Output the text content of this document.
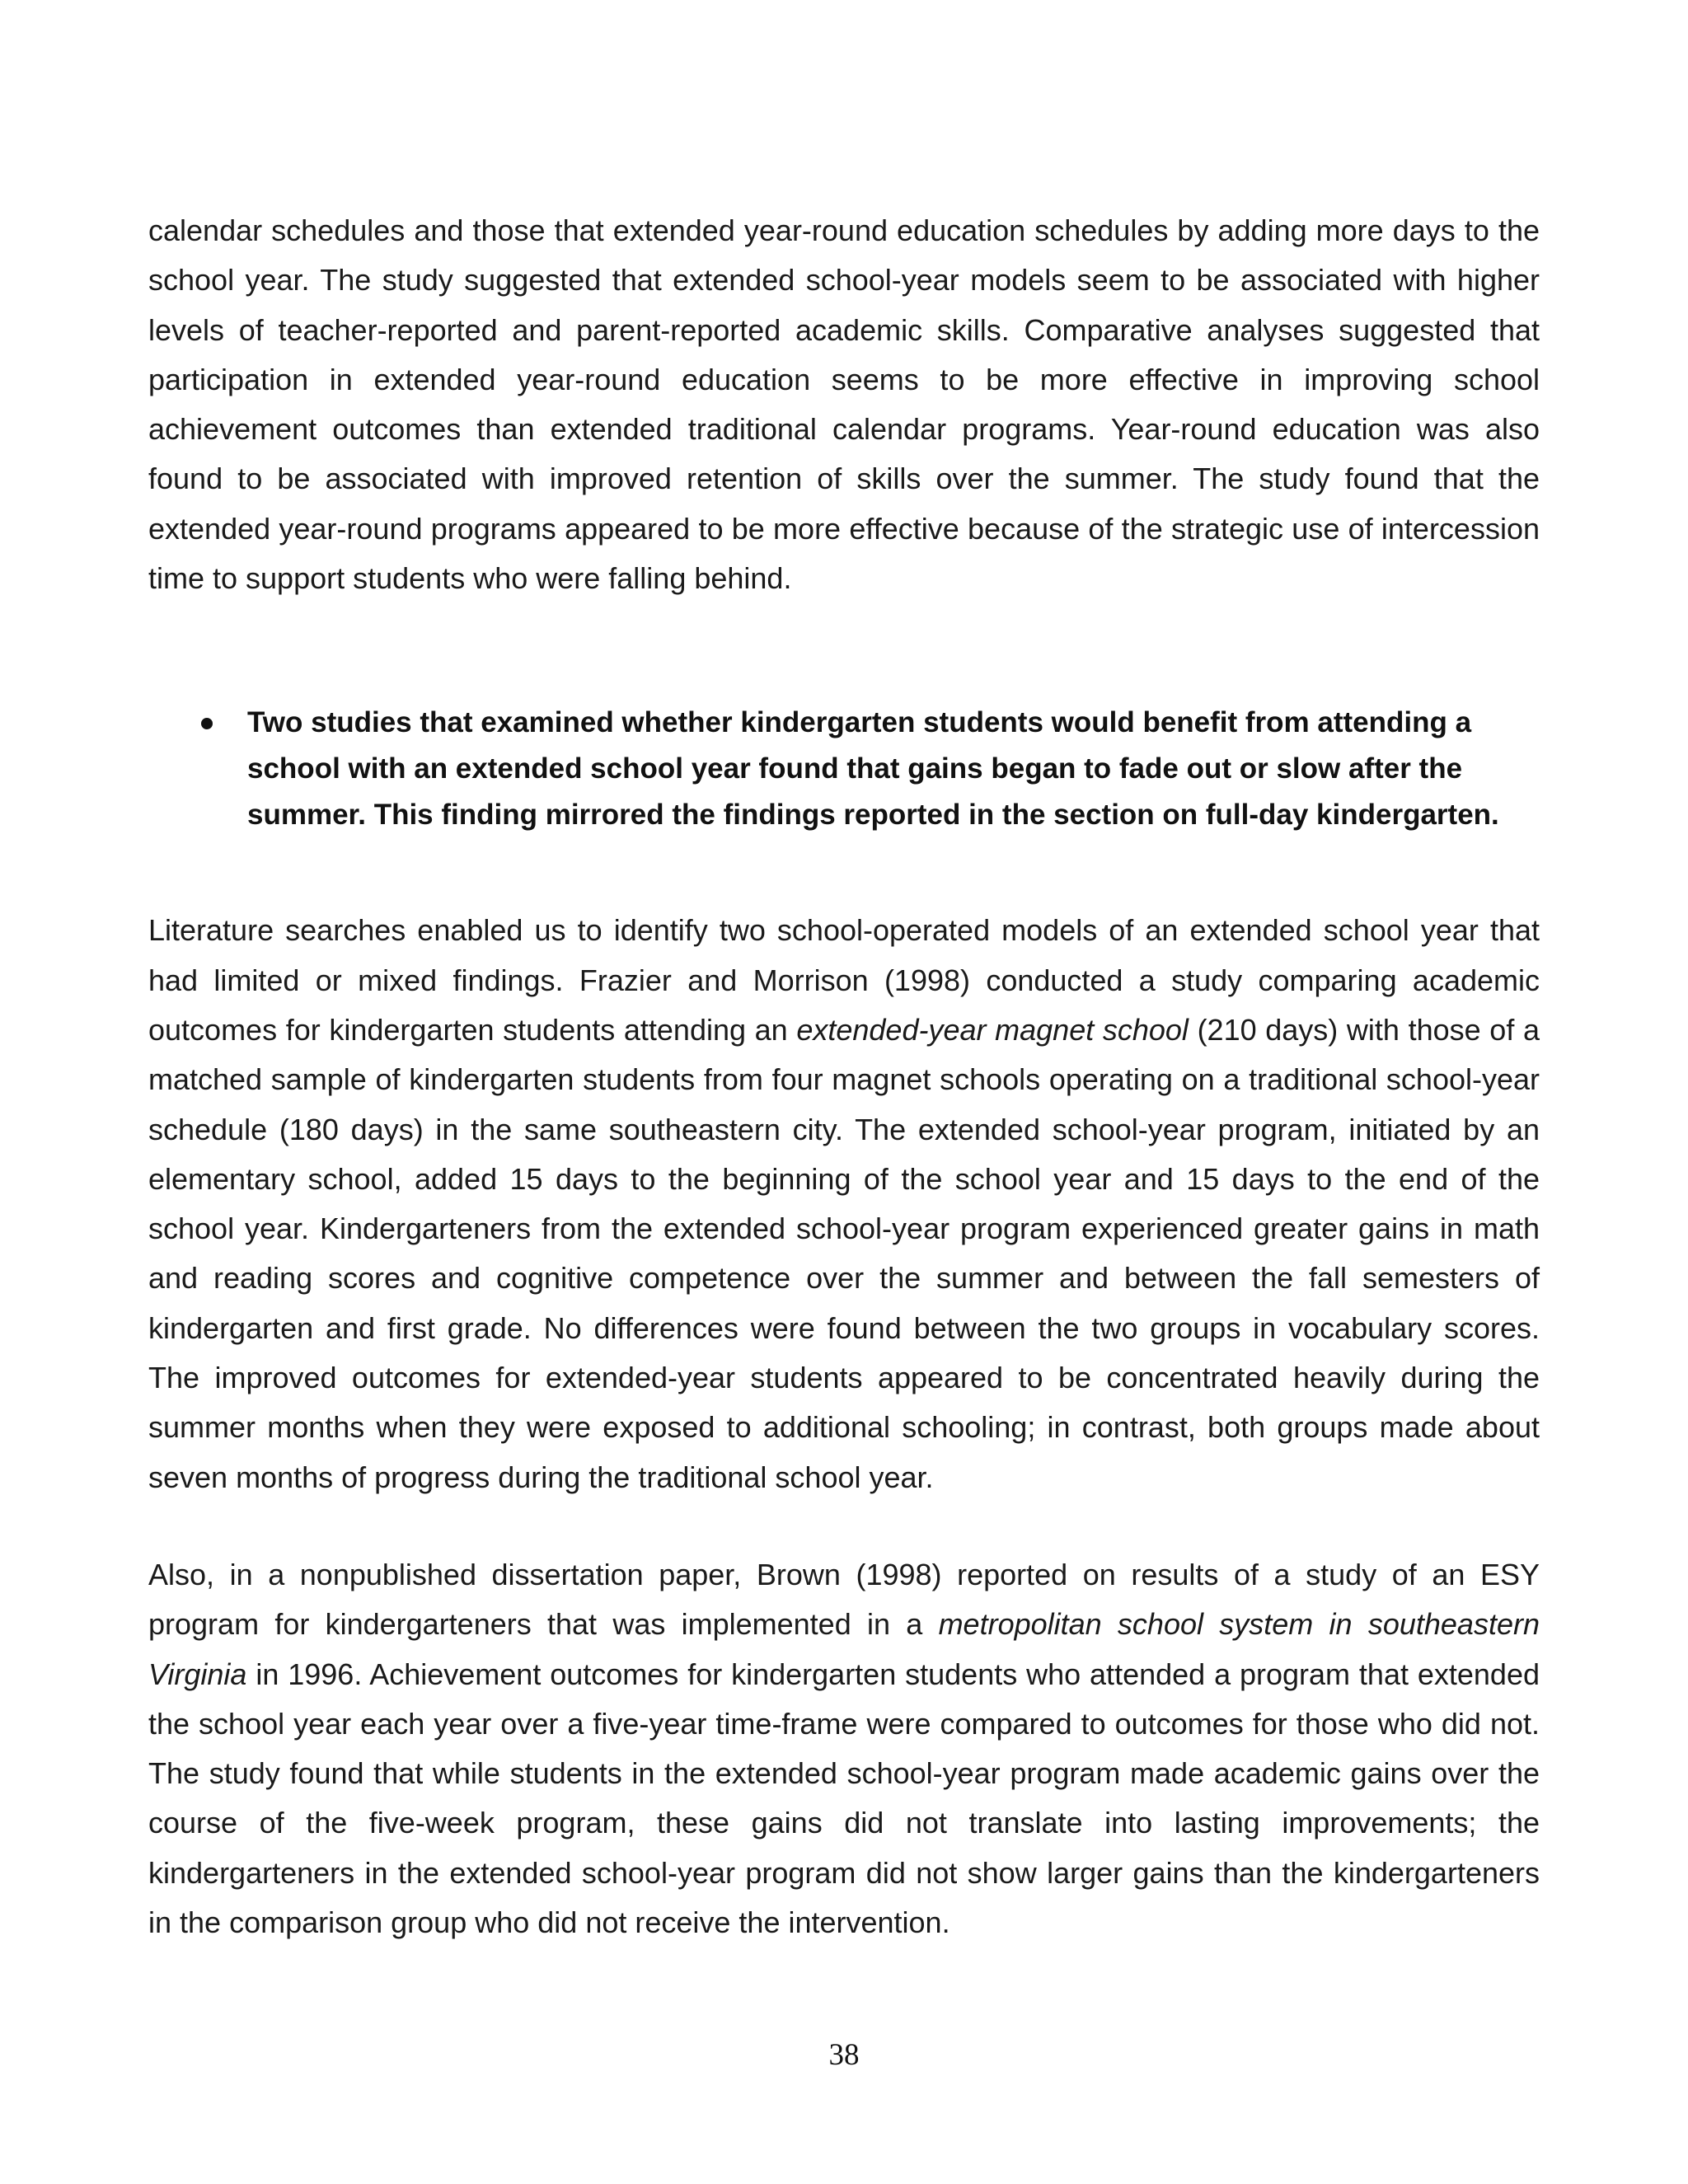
calendar schedules and those that extended year-round education schedules by adding more days to the school year. The study suggested that extended school-year models seem to be associated with higher levels of teacher-reported and parent-reported academic skills. Comparative analyses suggested that participation in extended year-round education seems to be more effective in improving school achievement outcomes than extended traditional calendar programs. Year-round education was also found to be associated with improved retention of skills over the summer. The study found that the extended year-round programs appeared to be more effective because of the strategic use of intercession time to support students who were falling behind.

Two studies that examined whether kindergarten students would benefit from attending a school with an extended school year found that gains began to fade out or slow after the summer. This finding mirrored the findings reported in the section on full-day kindergarten.

Literature searches enabled us to identify two school-operated models of an extended school year that had limited or mixed findings. Frazier and Morrison (1998) conducted a study comparing academic outcomes for kindergarten students attending an extended-year magnet school (210 days) with those of a matched sample of kindergarten students from four magnet schools operating on a traditional school-year schedule (180 days) in the same southeastern city. The extended school-year program, initiated by an elementary school, added 15 days to the beginning of the school year and 15 days to the end of the school year. Kindergarteners from the extended school-year program experienced greater gains in math and reading scores and cognitive competence over the summer and between the fall semesters of kindergarten and first grade. No differences were found between the two groups in vocabulary scores. The improved outcomes for extended-year students appeared to be concentrated heavily during the summer months when they were exposed to additional schooling; in contrast, both groups made about seven months of progress during the traditional school year.

Also, in a nonpublished dissertation paper, Brown (1998) reported on results of a study of an ESY program for kindergarteners that was implemented in a metropolitan school system in southeastern Virginia in 1996. Achievement outcomes for kindergarten students who attended a program that extended the school year each year over a five-year time-frame were compared to outcomes for those who did not. The study found that while students in the extended school-year program made academic gains over the course of the five-week program, these gains did not translate into lasting improvements; the kindergarteners in the extended school-year program did not show larger gains than the kindergarteners in the comparison group who did not receive the intervention.

38
